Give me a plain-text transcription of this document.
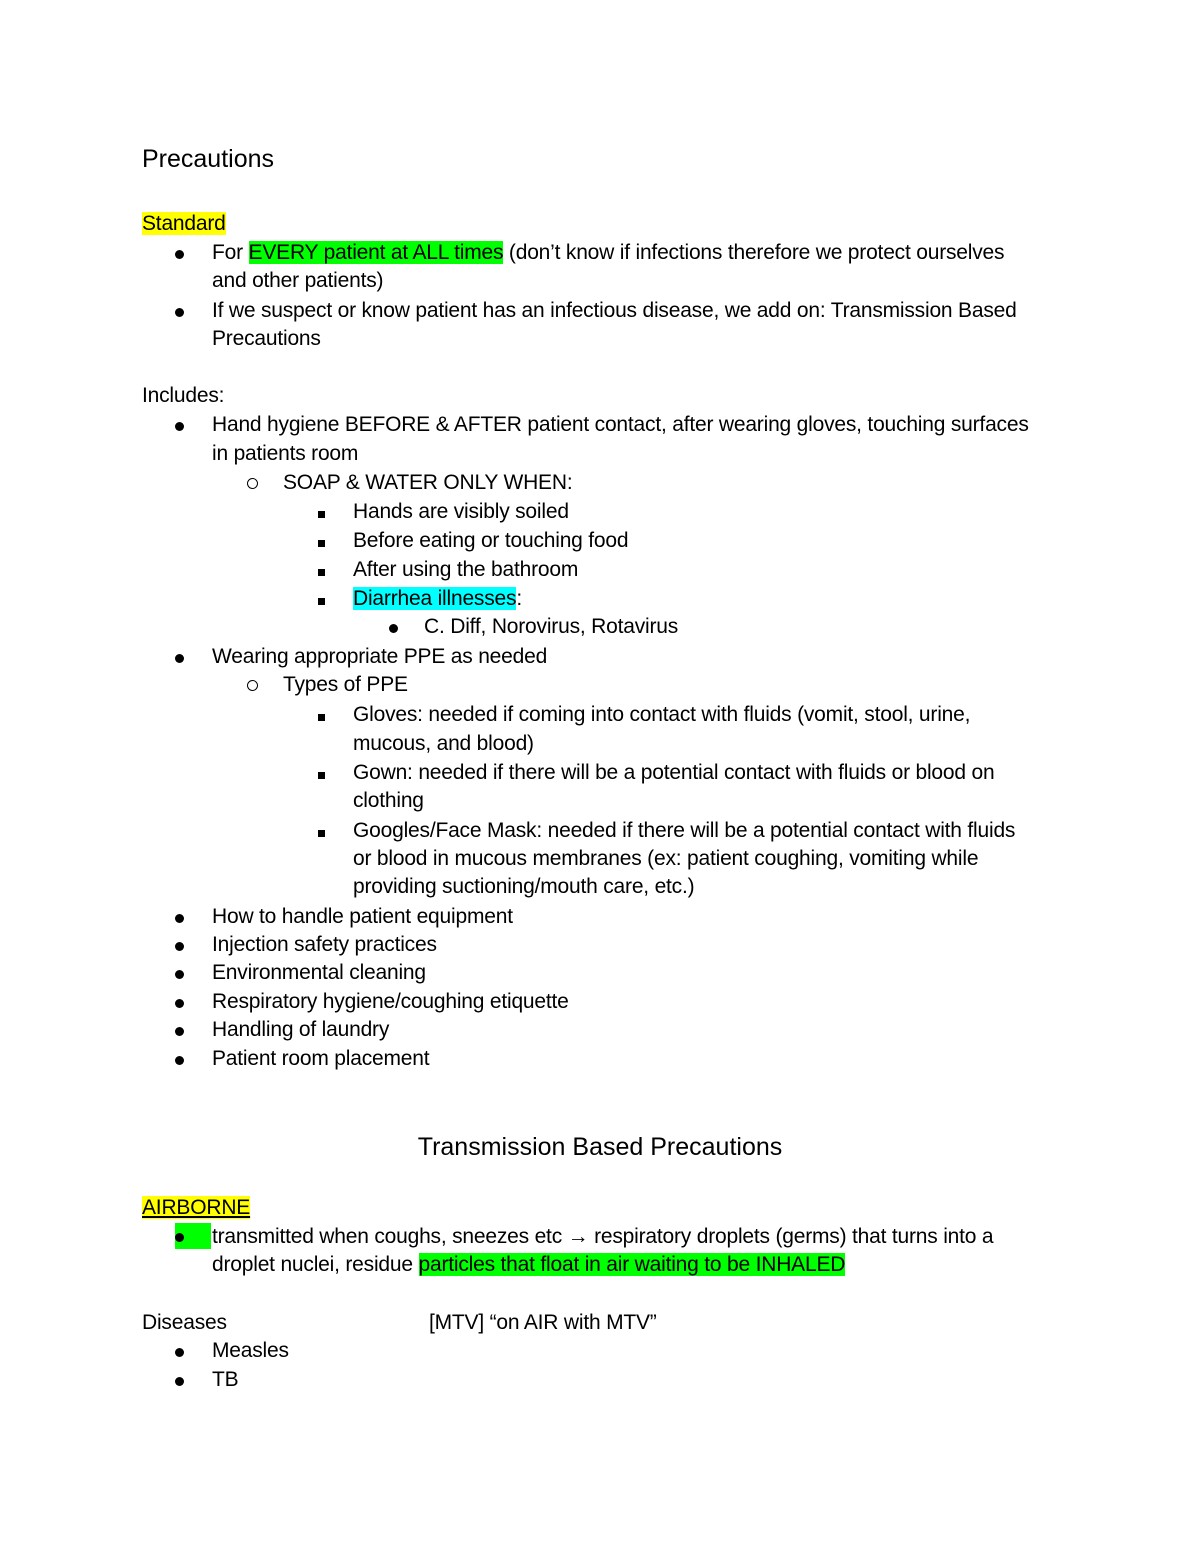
Precautions
Standard
For EVERY patient at ALL times (don’t know if infections therefore we protect ourselves
and other patients)
If we suspect or know patient has an infectious disease, we add on: Transmission Based
Precautions
Includes:
Hand hygiene BEFORE & AFTER patient contact, after wearing gloves, touching surfaces
in patients room
SOAP & WATER ONLY WHEN:
Hands are visibly soiled
Before eating or touching food
After using the bathroom
Diarrhea illnesses:
C. Diff, Norovirus, Rotavirus
Wearing appropriate PPE as needed
Types of PPE
Gloves: needed if coming into contact with fluids (vomit, stool, urine,
mucous, and blood)
Gown: needed if there will be a potential contact with fluids or blood on
clothing
Googles/Face Mask: needed if there will be a potential contact with fluids
or blood in mucous membranes (ex: patient coughing, vomiting while
providing suctioning/mouth care, etc.)
How to handle patient equipment
Injection safety practices
Environmental cleaning
Respiratory hygiene/coughing etiquette
Handling of laundry
Patient room placement
Transmission Based Precautions
AIRBORNE
transmitted when coughs, sneezes etc → respiratory droplets (germs) that turns into a
droplet nuclei, residue particles that float in air waiting to be INHALED
Diseases	[MTV] “on AIR with MTV”
Measles
TB
